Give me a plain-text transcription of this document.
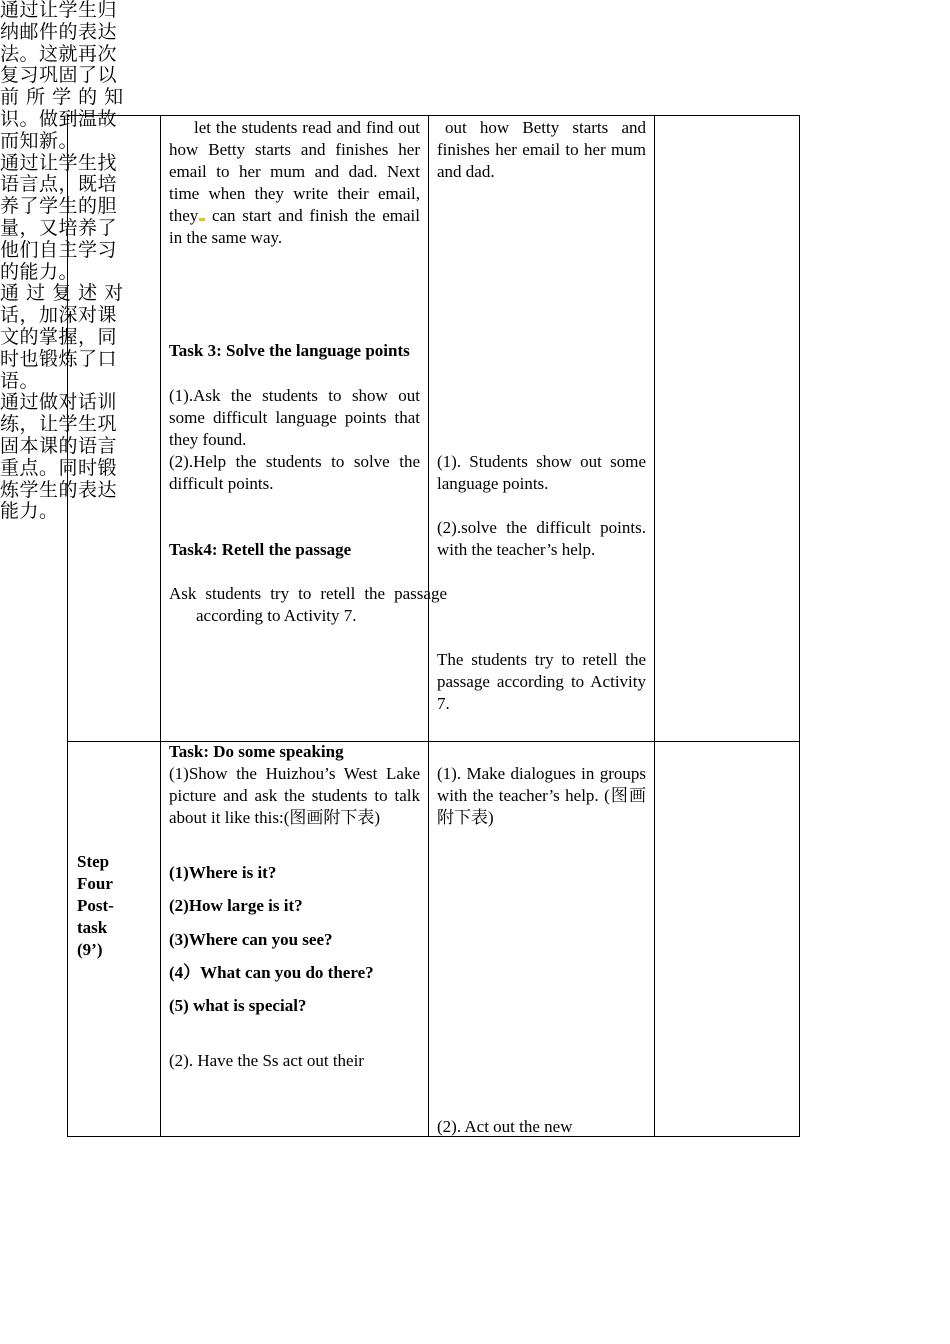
let the students read and find out how Betty starts and finishes her email to her mum and dad. Next time when they write their email, they can start and finish the email in the same way.

Task 3: Solve the language points
(1).Ask the students to show out some difficult language points that they found.
(2).Help the students to solve the difficult points.
Task4: Retell the passage
Ask students try to retell the passage according to Activity 7.
out how Betty starts and finishes her email to her mum and dad.
(1). Students show out some language points.
(2).solve the difficult points. with the teacher’s help.
The students try to retell the passage according to Activity 7.

通过让学生归

纳邮件的表达

法。这就再次

复习巩固了以

前 所 学 的 知

识。做到温故

而知新。

通过让学生找

语言点，既培

养了学生的胆

量，又培养了

他们自主学习

的能力。

通 过 复 述 对

话，加深对课

文的掌握，同

时也锻炼了口

语。

Step

Four

Post-

task

(9’)

Task: Do some speaking
(1)Show the Huizhou’s West Lake picture and ask the students to talk about it like this:(图画附下表)
(1)Where is it?
(2)How large is it?
(3)Where can you see?
(4）What can you do there?
(5) what is special?
(2). Have the Ss act out their
(1). Make dialogues in groups with the teacher’s help. (图画附下表)
(2). Act out the new

通过做对话训

练，让学生巩

固本课的语言

重点。同时锻

炼学生的表达

能力。
